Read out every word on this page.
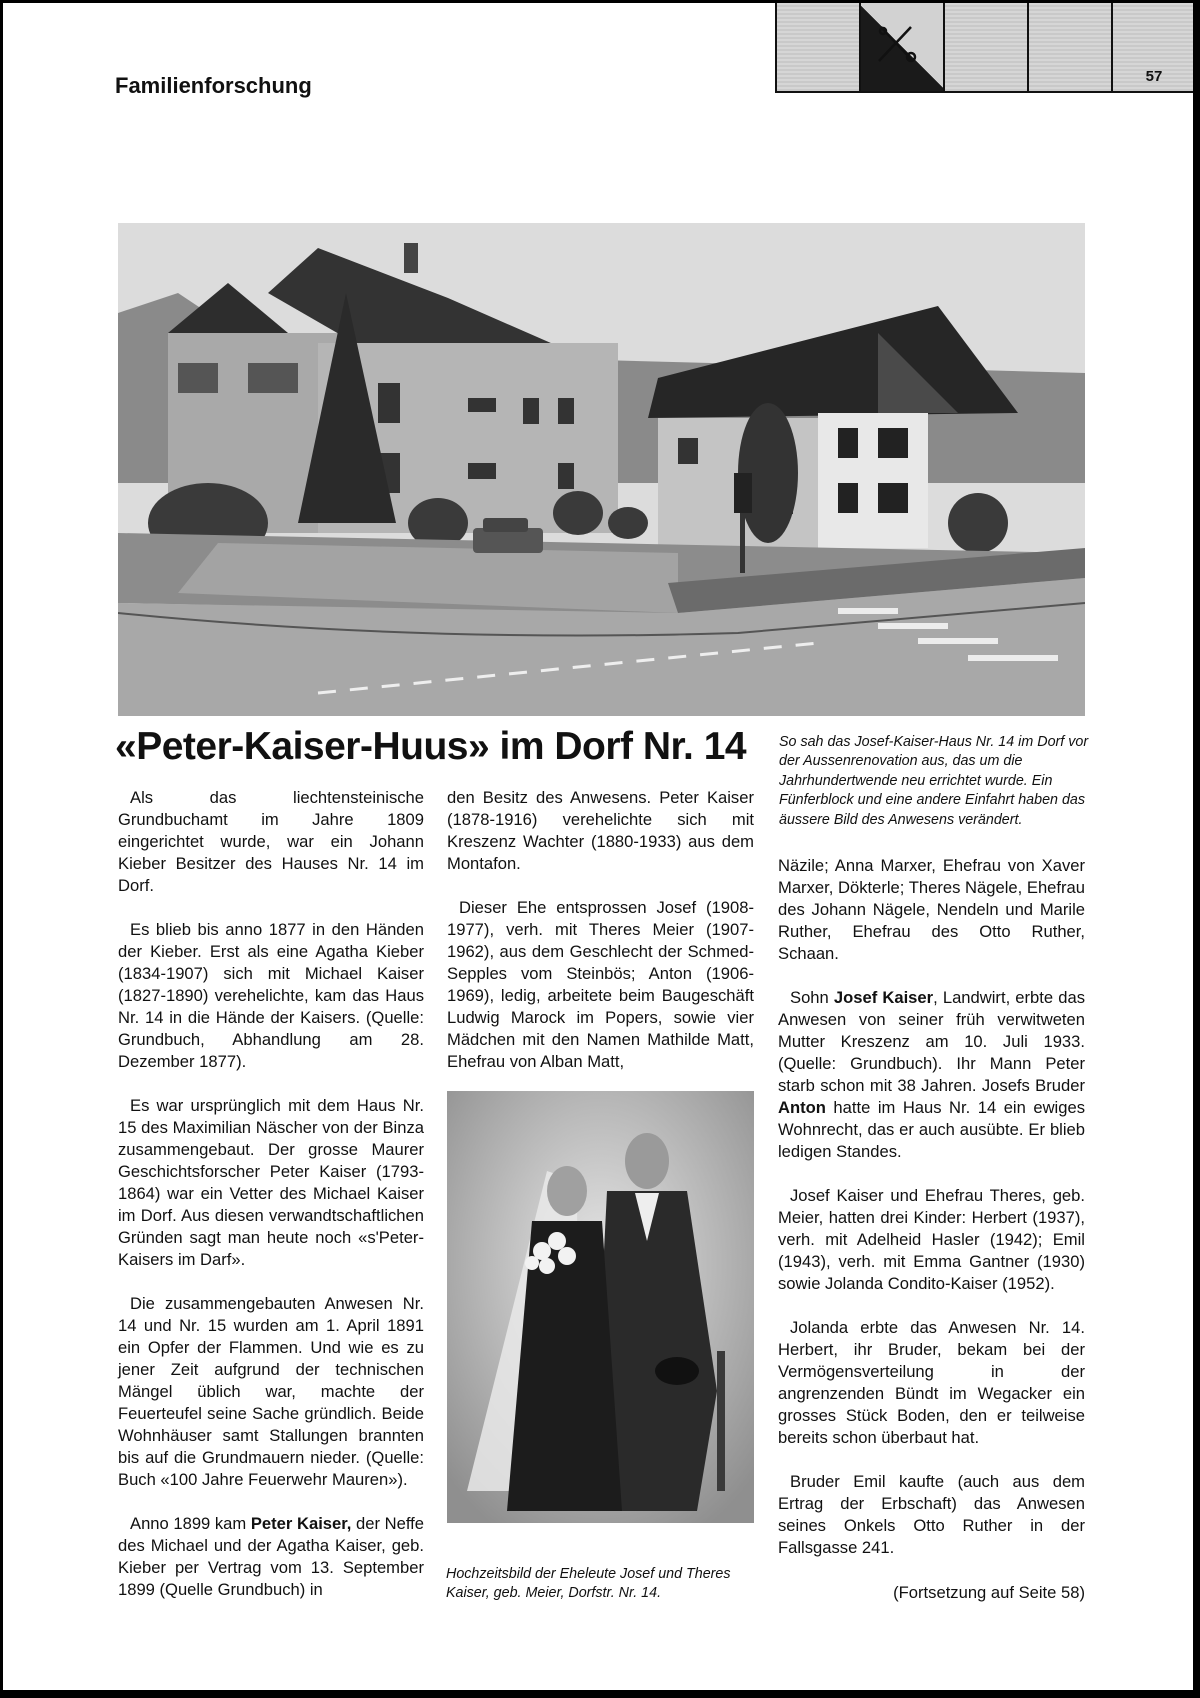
Familienforschung	57
«Peter-Kaiser-Huus» im Dorf Nr. 14	So sah das Josef-Kaiser-Haus Nr. 14 im Dorf vor der Aussenrenovation aus, das um die Jahrhundertwende neu errichtet wurde. Ein Fünferblock und eine andere Einfahrt haben das äussere Bild des Anwesens verändert.

Als das liechtensteinische Grundbuchamt im Jahre 1809 eingerichtet wurde, war ein Johann Kieber Besitzer des Hauses Nr. 14 im Dorf.

Es blieb bis anno 1877 in den Händen der Kieber. Erst als eine Agatha Kieber (1834-1907) sich mit Michael Kaiser (1827-1890) verehelichte, kam das Haus Nr. 14 in die Hände der Kaisers. (Quelle: Grundbuch, Abhandlung am 28. Dezember 1877).

Es war ursprünglich mit dem Haus Nr. 15 des Maximilian Näscher von der Binza zusammengebaut. Der grosse Maurer Geschichtsforscher Peter Kaiser (1793-1864) war ein Vetter des Michael Kaiser im Dorf. Aus diesen verwandtschaftlichen Gründen sagt man heute noch «s'Peter-Kaisers im Darf».

Die zusammengebauten Anwesen Nr. 14 und Nr. 15 wurden am 1. April 1891 ein Opfer der Flammen. Und wie es zu jener Zeit aufgrund der technischen Mängel üblich war, machte der Feuerteufel seine Sache gründlich. Beide Wohnhäuser samt Stallungen brannten bis auf die Grundmauern nieder. (Quelle: Buch «100 Jahre Feuerwehr Mauren»).

Anno 1899 kam Peter Kaiser, der Neffe des Michael und der Agatha Kaiser, geb. Kieber per Vertrag vom 13. September 1899 (Quelle Grundbuch) in

den Besitz des Anwesens. Peter Kaiser (1878-1916) verehelichte sich mit Kreszenz Wachter (1880-1933) aus dem Montafon.

Dieser Ehe entsprossen Josef (1908-1977), verh. mit Theres Meier (1907-1962), aus dem Geschlecht der Schmed-Sepples vom Steinbös; Anton (1906-1969), ledig, arbeitete beim Baugeschäft Ludwig Marock im Popers, sowie vier Mädchen mit den Namen Mathilde Matt, Ehefrau von Alban Matt,

Hochzeitsbild der Eheleute Josef und Theres Kaiser, geb. Meier, Dorfstr. Nr. 14.

Näzile; Anna Marxer, Ehefrau von Xaver Marxer, Dökterle; Theres Nägele, Ehefrau des Johann Nägele, Nendeln und Marile Ruther, Ehefrau des Otto Ruther, Schaan.

Sohn Josef Kaiser, Landwirt, erbte das Anwesen von seiner früh verwitweten Mutter Kreszenz am 10. Juli 1933. (Quelle: Grundbuch). Ihr Mann Peter starb schon mit 38 Jahren. Josefs Bruder Anton hatte im Haus Nr. 14 ein ewiges Wohnrecht, das er auch ausübte. Er blieb ledigen Standes.

Josef Kaiser und Ehefrau Theres, geb. Meier, hatten drei Kinder: Herbert (1937), verh. mit Adelheid Hasler (1942); Emil (1943), verh. mit Emma Gantner (1930) sowie Jolanda Condito-Kaiser (1952).

Jolanda erbte das Anwesen Nr. 14. Herbert, ihr Bruder, bekam bei der Vermögensverteilung in der angrenzenden Bündt im Wegacker ein grosses Stück Boden, den er teilweise bereits schon überbaut hat.

Bruder Emil kaufte (auch aus dem Ertrag der Erbschaft) das Anwesen seines Onkels Otto Ruther in der Fallsgasse 241.

(Fortsetzung auf Seite 58)
